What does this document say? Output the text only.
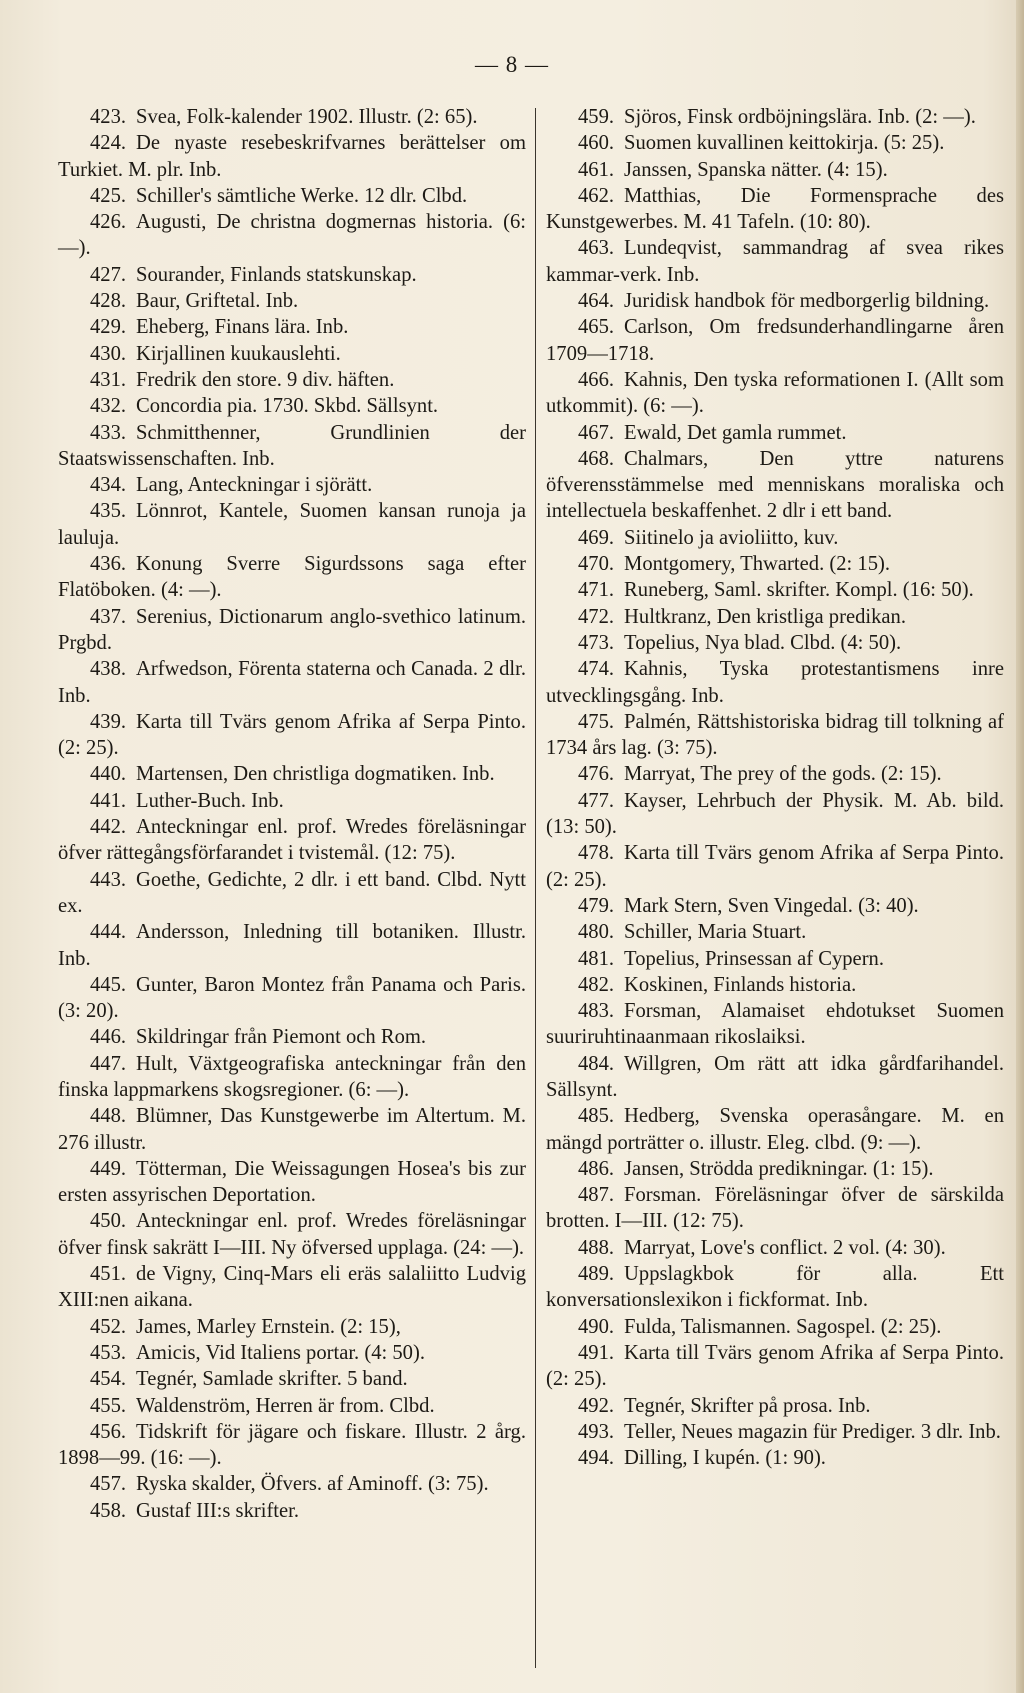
— 8 —

423. Svea, Folk-kalender 1902. Illustr. (2: 65).

424. De nyaste resebeskrifvarnes berättelser om Turkiet. M. plr. Inb.

425. Schiller's sämtliche Werke. 12 dlr. Clbd.

426. Augusti, De christna dogmernas historia. (6: —).

427. Sourander, Finlands statskunskap.

428. Baur, Griftetal. Inb.

429. Eheberg, Finans lära. Inb.

430. Kirjallinen kuukauslehti.

431. Fredrik den store. 9 div. häften.

432. Concordia pia. 1730. Skbd. Sällsynt.

433. Schmitthenner, Grundlinien der Staatswissenschaften. Inb.

434. Lang, Anteckningar i sjörätt.

435. Lönnrot, Kantele, Suomen kansan runoja ja lauluja.

436. Konung Sverre Sigurdssons saga efter Flatöboken. (4: —).

437. Serenius, Dictionarum anglo-svethico latinum. Prgbd.

438. Arfwedson, Förenta staterna och Canada. 2 dlr. Inb.

439. Karta till Tvärs genom Afrika af Serpa Pinto. (2: 25).

440. Martensen, Den christliga dogmatiken. Inb.

441. Luther-Buch. Inb.

442. Anteckningar enl. prof. Wredes föreläsningar öfver rättegångsförfarandet i tvistemål. (12: 75).

443. Goethe, Gedichte, 2 dlr. i ett band. Clbd. Nytt ex.

444. Andersson, Inledning till botaniken. Illustr. Inb.

445. Gunter, Baron Montez från Panama och Paris. (3: 20).

446. Skildringar från Piemont och Rom.

447. Hult, Växtgeografiska anteckningar från den finska lappmarkens skogsregioner. (6: —).

448. Blümner, Das Kunstgewerbe im Altertum. M. 276 illustr.

449. Tötterman, Die Weissagungen Hosea's bis zur ersten assyrischen Deportation.

450. Anteckningar enl. prof. Wredes föreläsningar öfver finsk sakrätt I—III. Ny öfversed upplaga. (24: —).

451. de Vigny, Cinq-Mars eli eräs salaliitto Ludvig XIII:nen aikana.

452. James, Marley Ernstein. (2: 15),

453. Amicis, Vid Italiens portar. (4: 50).

454. Tegnér, Samlade skrifter. 5 band.

455. Waldenström, Herren är from. Clbd.

456. Tidskrift för jägare och fiskare. Illustr. 2 årg. 1898—99. (16: —).

457. Ryska skalder, Öfvers. af Aminoff. (3: 75).

458. Gustaf III:s skrifter.

459. Sjöros, Finsk ordböjningslära. Inb. (2: —).

460. Suomen kuvallinen keittokirja. (5: 25).

461. Janssen, Spanska nätter. (4: 15).

462. Matthias, Die Formensprache des Kunstgewerbes. M. 41 Tafeln. (10: 80).

463. Lundeqvist, sammandrag af svea rikes kammar-verk. Inb.

464. Juridisk handbok för medborgerlig bildning.

465. Carlson, Om fredsunderhandlingarne åren 1709—1718.

466. Kahnis, Den tyska reformationen I. (Allt som utkommit). (6: —).

467. Ewald, Det gamla rummet.

468. Chalmars, Den yttre naturens öfverensstämmelse med menniskans moraliska och intellectuela beskaffenhet. 2 dlr i ett band.

469. Siitinelo ja avioliitto, kuv.

470. Montgomery, Thwarted. (2: 15).

471. Runeberg, Saml. skrifter. Kompl. (16: 50).

472. Hultkranz, Den kristliga predikan.

473. Topelius, Nya blad. Clbd. (4: 50).

474. Kahnis, Tyska protestantismens inre utvecklingsgång. Inb.

475. Palmén, Rättshistoriska bidrag till tolkning af 1734 års lag. (3: 75).

476. Marryat, The prey of the gods. (2: 15).

477. Kayser, Lehrbuch der Physik. M. Ab. bild. (13: 50).

478. Karta till Tvärs genom Afrika af Serpa Pinto. (2: 25).

479. Mark Stern, Sven Vingedal. (3: 40).

480. Schiller, Maria Stuart.

481. Topelius, Prinsessan af Cypern.

482. Koskinen, Finlands historia.

483. Forsman, Alamaiset ehdotukset Suomen suuriruhtinaanmaan rikoslaiksi.

484. Willgren, Om rätt att idka gårdfarihandel. Sällsynt.

485. Hedberg, Svenska operasångare. M. en mängd porträtter o. illustr. Eleg. clbd. (9: —).

486. Jansen, Strödda predikningar. (1: 15).

487. Forsman. Föreläsningar öfver de särskilda brotten. I—III. (12: 75).

488. Marryat, Love's conflict. 2 vol. (4: 30).

489. Uppslagkbok för alla. Ett konversationslexikon i fickformat. Inb.

490. Fulda, Talismannen. Sagospel. (2: 25).

491. Karta till Tvärs genom Afrika af Serpa Pinto. (2: 25).

492. Tegnér, Skrifter på prosa. Inb.

493. Teller, Neues magazin für Prediger. 3 dlr. Inb.

494. Dilling, I kupén. (1: 90).
